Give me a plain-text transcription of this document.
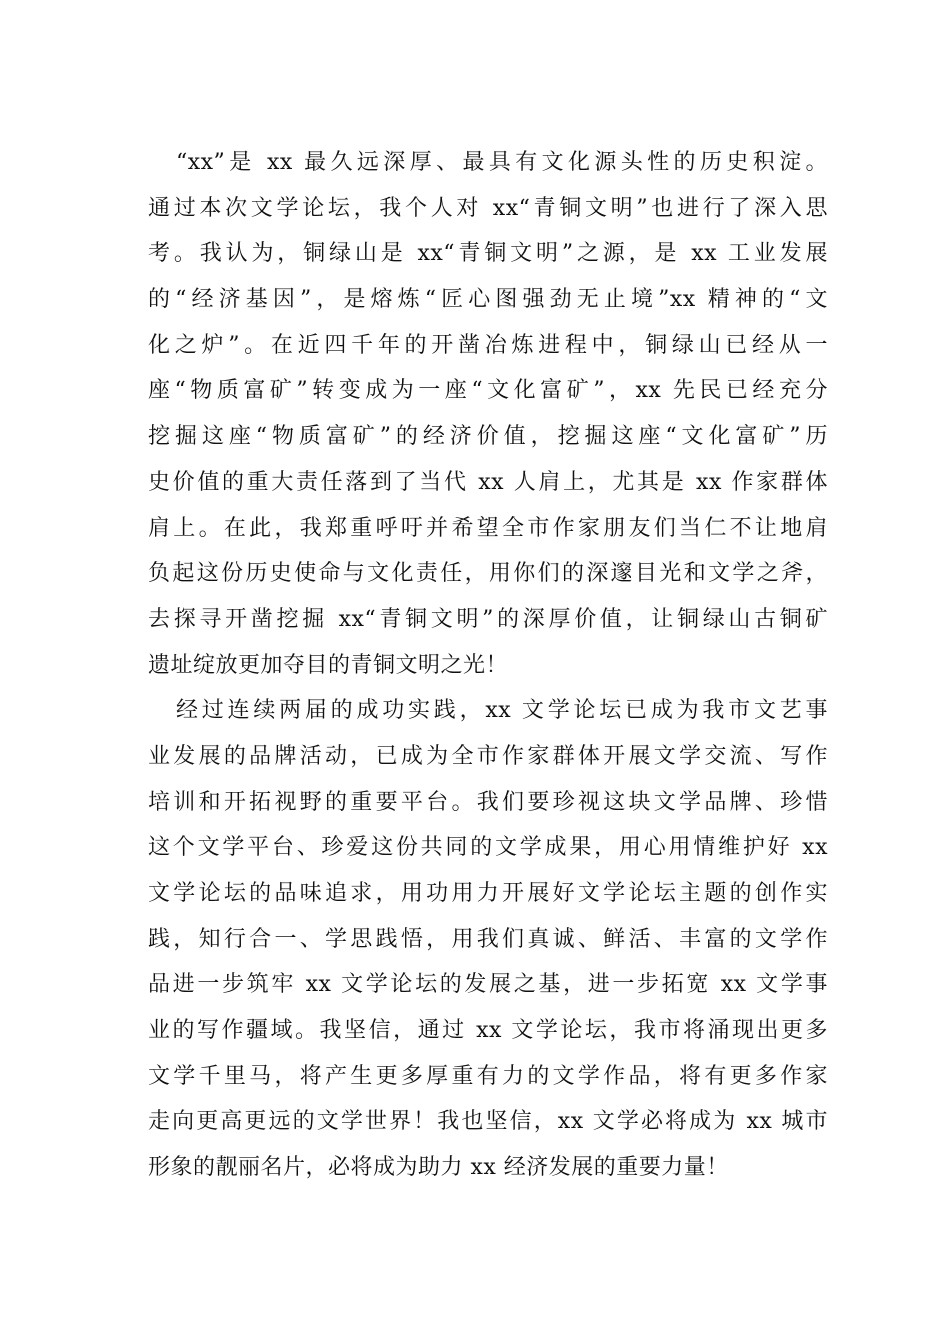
“xx”是 xx 最久远深厚、最具有文化源头性的历史积淀。
通过本次文学论坛，我个人对 xx“青铜文明”也进行了深入思
考。我认为，铜绿山是 xx“青铜文明”之源，是 xx 工业发展
的“经济基因”，是熔炼“匠心图强劲无止境”xx 精神的“文
化之炉”。在近四千年的开凿冶炼进程中，铜绿山已经从一
座“物质富矿”转变成为一座“文化富矿”，xx 先民已经充分
挖掘这座“物质富矿”的经济价值，挖掘这座“文化富矿”历
史价值的重大责任落到了当代 xx 人肩上，尤其是 xx 作家群体
肩上。在此，我郑重呼吁并希望全市作家朋友们当仁不让地肩
负起这份历史使命与文化责任，用你们的深邃目光和文学之斧，
去探寻开凿挖掘 xx“青铜文明”的深厚价值，让铜绿山古铜矿
遗址绽放更加夺目的青铜文明之光！
经过连续两届的成功实践，xx 文学论坛已成为我市文艺事
业发展的品牌活动，已成为全市作家群体开展文学交流、写作
培训和开拓视野的重要平台。我们要珍视这块文学品牌、珍惜
这个文学平台、珍爱这份共同的文学成果，用心用情维护好 xx
文学论坛的品味追求，用功用力开展好文学论坛主题的创作实
践，知行合一、学思践悟，用我们真诚、鲜活、丰富的文学作
品进一步筑牢 xx 文学论坛的发展之基，进一步拓宽 xx 文学事
业的写作疆域。我坚信，通过 xx 文学论坛，我市将涌现出更多
文学千里马，将产生更多厚重有力的文学作品，将有更多作家
走向更高更远的文学世界！我也坚信，xx 文学必将成为 xx 城市
形象的靓丽名片，必将成为助力 xx 经济发展的重要力量！
